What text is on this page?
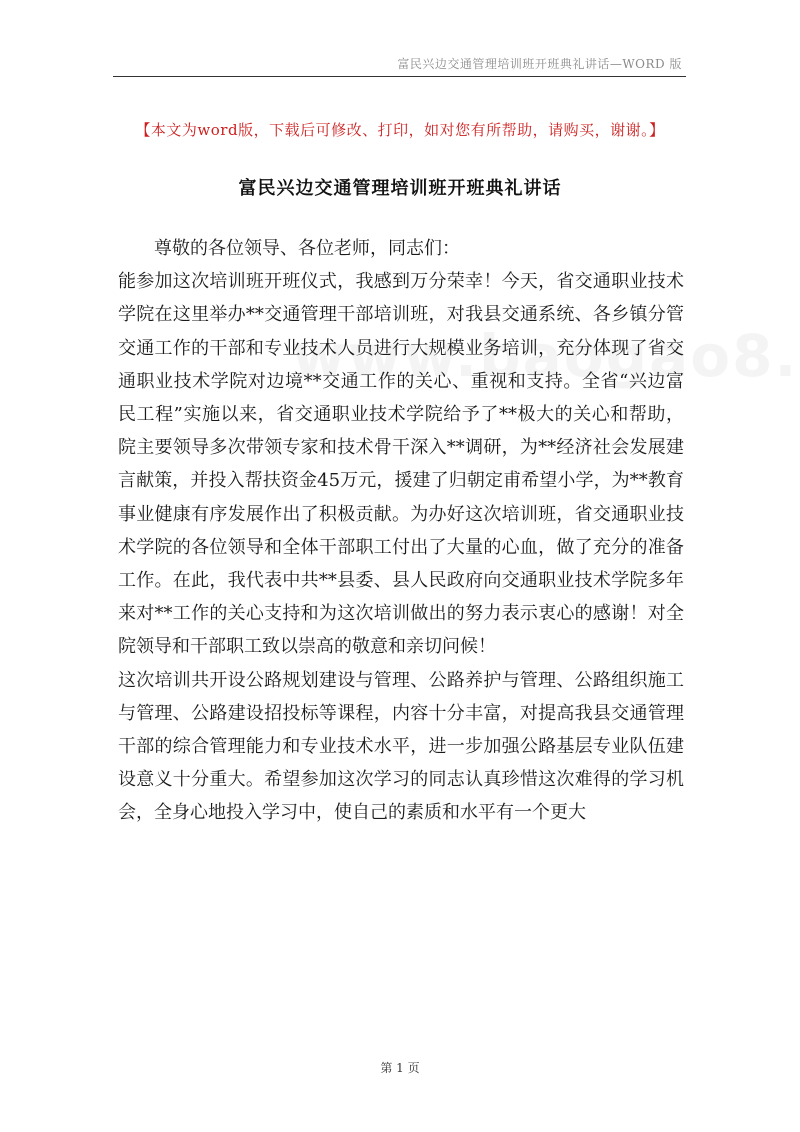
富民兴边交通管理培训班开班典礼讲话—WORD 版
【本文为word版，下载后可修改、打印，如对您有所帮助，请购买，谢谢。】
富民兴边交通管理培训班开班典礼讲话

尊敬的各位领导、各位老师，同志们：

能参加这次培训班开班仪式，我感到万分荣幸！今天，省交通职业技术学院在这里举办**交通管理干部培训班，对我县交通系统、各乡镇分管交通工作的干部和专业技术人员进行大规模业务培训，充分体现了省交通职业技术学院对边境**交通工作的关心、重视和支持。全省“兴边富民工程”实施以来，省交通职业技术学院给予了**极大的关心和帮助，院主要领导多次带领专家和技术骨干深入**调研，为**经济社会发展建言献策，并投入帮扶资金45万元，援建了归朝定甫希望小学，为**教育事业健康有序发展作出了积极贡献。为办好这次培训班，省交通职业技术学院的各位领导和全体干部职工付出了大量的心血，做了充分的准备工作。在此，我代表中共**县委、县人民政府向交通职业技术学院多年来对**工作的关心支持和为这次培训做出的努力表示衷心的感谢！对全院领导和干部职工致以崇高的敬意和亲切问候！

这次培训共开设公路规划建设与管理、公路养护与管理、公路组织施工与管理、公路建设招投标等课程，内容十分丰富，对提高我县交通管理干部的综合管理能力和专业技术水平，进一步加强公路基层专业队伍建设意义十分重大。希望参加这次学习的同志认真珍惜这次难得的学习机会，全身心地投入学习中，使自己的素质和水平有一个更大

第 1 页
